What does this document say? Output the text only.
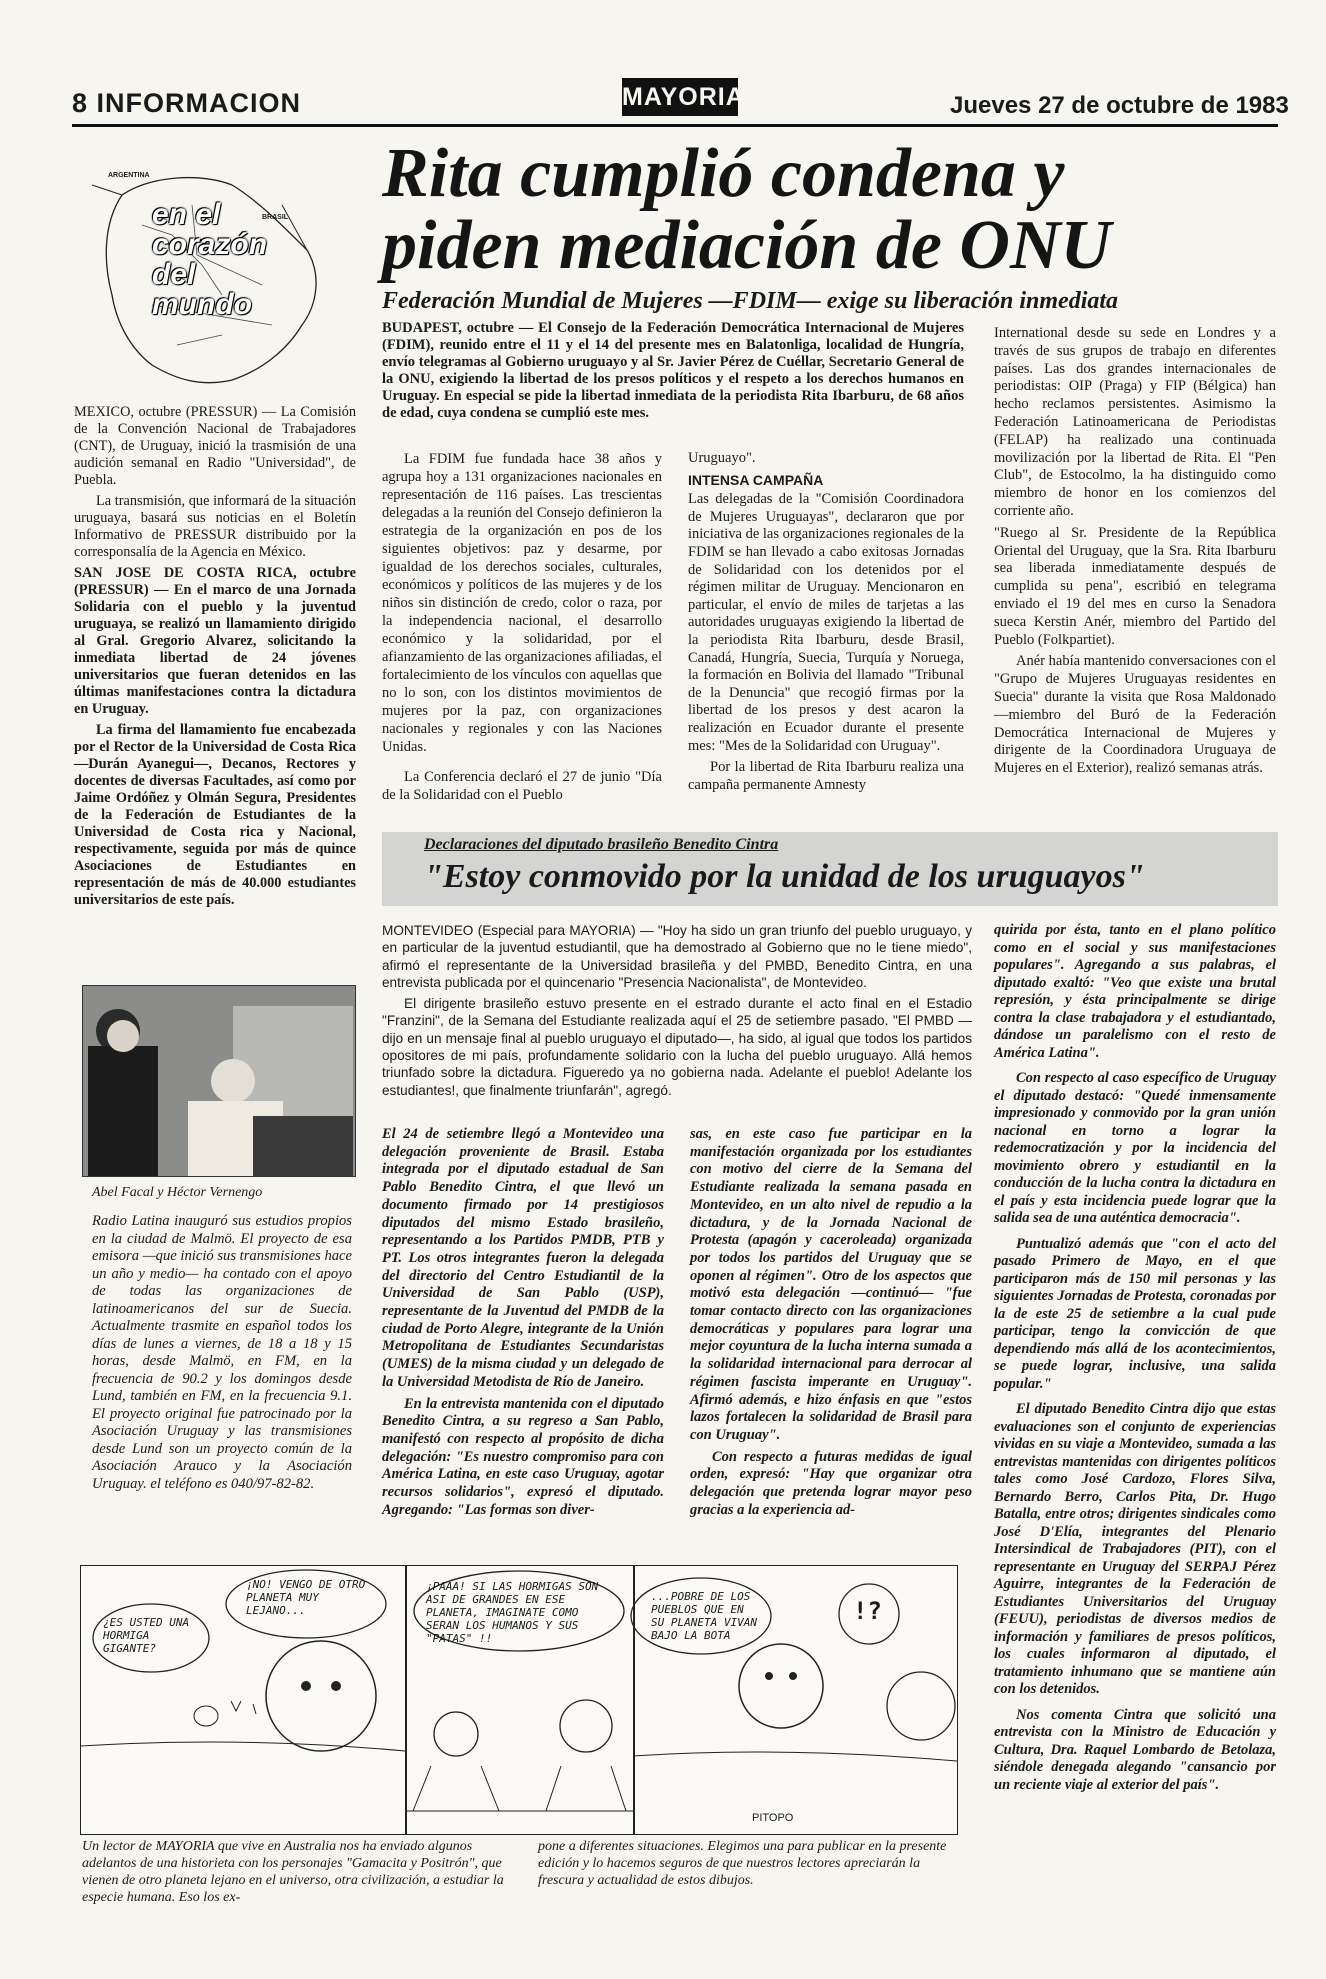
8 INFORMACION	MAYORIA	Jueves 27 de octubre de 1983
ARGENTINA
BRASIL
en el corazón del mundo
Rita cumplió condena y
piden mediación de ONU
Federación Mundial de Mujeres —FDIM— exige su liberación inmediata

MEXICO, octubre (PRESSUR) — La Comisión de la Convención Nacional de Trabajadores (CNT), de Uruguay, inició la trasmisión de una audición semanal en Radio "Universidad", de Puebla.

La transmisión, que informará de la situación uruguaya, basará sus noticias en el Boletín Informativo de PRESSUR distribuido por la corresponsalía de la Agencia en México.

SAN JOSE DE COSTA RICA, octubre (PRESSUR) — En el marco de una Jornada Solidaria con el pueblo y la juventud uruguaya, se realizó un llamamiento dirigido al Gral. Gregorio Alvarez, solicitando la inmediata libertad de 24 jóvenes universitarios que fueran detenidos en las últimas manifestaciones contra la dictadura en Uruguay.

La firma del llamamiento fue encabezada por el Rector de la Universidad de Costa Rica —Durán Ayanegui—, Decanos, Rectores y docentes de diversas Facultades, así como por Jaime Ordóñez y Olmán Segura, Presidentes de la Federación de Estudiantes de la Universidad de Costa rica y Nacional, respectivamente, seguida por más de quince Asociaciones de Estudiantes en representación de más de 40.000 estudiantes universitarios de este país.

Abel Facal y Héctor Vernengo
Radio Latina inauguró sus estudios propios en la ciudad de Malmö. El proyecto de esa emisora —que inició sus transmisiones hace un año y medio— ha contado con el apoyo de todas las organizaciones de latinoamericanos del sur de Suecia. Actualmente trasmite en español todos los días de lunes a viernes, de 18 a 18 y 15 horas, desde Malmö, en FM, en la frecuencia de 90.2 y los domingos desde Lund, también en FM, en la frecuencia 9.1. El proyecto original fue patrocinado por la Asociación Uruguay y las transmisiones desde Lund son un proyecto común de la Asociación Arauco y la Asociación Uruguay. el teléfono es 040/97-82-82.
BUDAPEST, octubre — El Consejo de la Federación Democrática Internacional de Mujeres (FDIM), reunido entre el 11 y el 14 del presente mes en Balatonliga, localidad de Hungría, envío telegramas al Gobierno uruguayo y al Sr. Javier Pérez de Cuéllar, Secretario General de la ONU, exigiendo la libertad de los presos políticos y el respeto a los derechos humanos en Uruguay. En especial se pide la libertad inmediata de la periodista Rita Ibarburu, de 68 años de edad, cuya condena se cumplió este mes.

La FDIM fue fundada hace 38 años y agrupa hoy a 131 organizaciones nacionales en representación de 116 países. Las trescientas delegadas a la reunión del Consejo definieron la estrategia de la organización en pos de los siguientes objetivos: paz y desarme, por igualdad de los derechos sociales, culturales, económicos y políticos de las mujeres y de los niños sin distinción de credo, color o raza, por la independencia nacional, el desarrollo económico y la solidaridad, por el afianzamiento de las organizaciones afiliadas, el fortalecimiento de los vínculos con aquellas que no lo son, con los distintos movimientos de mujeres por la paz, con organizaciones nacionales y regionales y con las Naciones Unidas.

La Conferencia declaró el 27 de junio "Día de la Solidaridad con el Pueblo

Uruguayo".

INTENSA CAMPAÑA

Las delegadas de la "Comisión Coordinadora de Mujeres Uruguayas", declararon que por iniciativa de las organizaciones regionales de la FDIM se han llevado a cabo exitosas Jornadas de Solidaridad con los detenidos por el régimen militar de Uruguay. Mencionaron en particular, el envío de miles de tarjetas a las autoridades uruguayas exigiendo la libertad de la periodista Rita Ibarburu, desde Brasil, Canadá, Hungría, Suecia, Turquía y Noruega, la formación en Bolivia del llamado "Tribunal de la Denuncia" que recogió firmas por la libertad de los presos y dest acaron la realización en Ecuador durante el presente mes: "Mes de la Solidaridad con Uruguay".

Por la libertad de Rita Ibarburu realiza una campaña permanente Amnesty

International desde su sede en Londres y a través de sus grupos de trabajo en diferentes países. Las dos grandes internacionales de periodistas: OIP (Praga) y FIP (Bélgica) han hecho reclamos persistentes. Asimismo la Federación Latinoamericana de Periodistas (FELAP) ha realizado una continuada movilización por la libertad de Rita. El "Pen Club", de Estocolmo, la ha distinguido como miembro de honor en los comienzos del corriente año.

"Ruego al Sr. Presidente de la República Oriental del Uruguay, que la Sra. Rita Ibarburu sea liberada inmediatamente después de cumplida su pena", escribió en telegrama enviado el 19 del mes en curso la Senadora sueca Kerstin Anér, miembro del Partido del Pueblo (Folkpartiet).

Anér había mantenido conversaciones con el "Grupo de Mujeres Uruguayas residentes en Suecia" durante la visita que Rosa Maldonado —miembro del Buró de la Federación Democrática Internacional de Mujeres y dirigente de la Coordinadora Uruguaya de Mujeres en el Exterior), realizó semanas atrás.

Declaraciones del diputado brasileño Benedito Cintra
"Estoy conmovido por la unidad de los uruguayos"

MONTEVIDEO (Especial para MAYORIA) — "Hoy ha sido un gran triunfo del pueblo uruguayo, y en particular de la juventud estudiantil, que ha demostrado al Gobierno que no le tiene miedo", afirmó el representante de la Universidad brasileña y del PMBD, Benedito Cintra, en una entrevista publicada por el quincenario "Presencia Nacionalista", de Montevideo.

El dirigente brasileño estuvo presente en el estrado durante el acto final en el Estadio "Franzini", de la Semana del Estudiante realizada aquí el 25 de setiembre pasado. "El PMBD —dijo en un mensaje final al pueblo uruguayo el diputado—, ha sido, al igual que todos los partidos opositores de mi país, profundamente solidario con la lucha del pueblo uruguayo. Allá hemos triunfado sobre la dictadura. Figueredo ya no gobierna nada. Adelante el pueblo! Adelante los estudiantes!, que finalmente triunfarán", agregó.

El 24 de setiembre llegó a Montevideo una delegación proveniente de Brasil. Estaba integrada por el diputado estadual de San Pablo Benedito Cintra, el que llevó un documento firmado por 14 prestigiosos diputados del mismo Estado brasileño, representando a los Partidos PMDB, PTB y PT. Los otros integrantes fueron la delegada del directorio del Centro Estudiantil de la Universidad de San Pablo (USP), representante de la Juventud del PMDB de la ciudad de Porto Alegre, integrante de la Unión Metropolitana de Estudiantes Secundaristas (UMES) de la misma ciudad y un delegado de la Universidad Metodista de Río de Janeiro.

En la entrevista mantenida con el diputado Benedito Cintra, a su regreso a San Pablo, manifestó con respecto al propósito de dicha delegación: "Es nuestro compromiso para con América Latina, en este caso Uruguay, agotar recursos solidarios", expresó el diputado. Agregando: "Las formas son diver-

sas, en este caso fue participar en la manifestación organizada por los estudiantes con motivo del cierre de la Semana del Estudiante realizada la semana pasada en Montevideo, en un alto nivel de repudio a la dictadura, y de la Jornada Nacional de Protesta (apagón y caceroleada) organizada por todos los partidos del Uruguay que se oponen al régimen". Otro de los aspectos que motivó esta delegación —continuó— "fue tomar contacto directo con las organizaciones democráticas y populares para lograr una mejor coyuntura de la lucha interna sumada a la solidaridad internacional para derrocar al régimen fascista imperante en Uruguay". Afirmó además, e hizo énfasis en que "estos lazos fortalecen la solidaridad de Brasil para con Uruguay".

Con respecto a futuras medidas de igual orden, expresó: "Hay que organizar otra delegación que pretenda lograr mayor peso gracias a la experiencia ad-

quirida por ésta, tanto en el plano político como en el social y sus manifestaciones populares". Agregando a sus palabras, el diputado exaltó: "Veo que existe una brutal represión, y ésta principalmente se dirige contra la clase trabajadora y el estudiantado, dándose un paralelismo con el resto de América Latina".

Con respecto al caso específico de Uruguay el diputado destacó: "Quedé inmensamente impresionado y conmovido por la gran unión nacional en torno a lograr la redemocratización y por la incidencia del movimiento obrero y estudiantil en la conducción de la lucha contra la dictadura en el país y esta incidencia puede lograr que la salida sea de una auténtica democracia".

Puntualizó además que "con el acto del pasado Primero de Mayo, en el que participaron más de 150 mil personas y las siguientes Jornadas de Protesta, coronadas por la de este 25 de setiembre a la cual pude participar, tengo la convicción de que dependiendo más allá de los acontecimientos, se puede lograr, inclusive, una salida popular."

El diputado Benedito Cintra dijo que estas evaluaciones son el conjunto de experiencias vividas en su viaje a Montevideo, sumada a las entrevistas mantenidas con dirigentes políticos tales como José Cardozo, Flores Silva, Bernardo Berro, Carlos Pita, Dr. Hugo Batalla, entre otros; dirigentes sindicales como José D'Elía, integrantes del Plenario Intersindical de Trabajadores (PIT), con el representante en Uruguay del SERPAJ Pérez Aguirre, integrantes de la Federación de Estudiantes Universitarios del Uruguay (FEUU), periodistas de diversos medios de información y familiares de presos políticos, los cuales informaron al diputado, el tratamiento inhumano que se mantiene aún con los detenidos.

Nos comenta Cintra que solicitó una entrevista con la Ministro de Educación y Cultura, Dra. Raquel Lombardo de Betolaza, siéndole denegada alegando "cansancio por un reciente viaje al exterior del país".

¿ES USTED UNA HORMIGA GIGANTE?
¡NO! VENGO DE OTRO PLANETA MUY LEJANO...
¡PAAA! SI LAS HORMIGAS SON ASI DE GRANDES EN ESE PLANETA, IMAGINATE COMO SERAN LOS HUMANOS Y SUS "PATAS" !!
...POBRE DE LOS PUEBLOS QUE EN SU PLANETA VIVAN BAJO LA BOTA
!?
PITOPO
Un lector de MAYORIA que vive en Australia nos ha enviado algunos adelantos de una historieta con los personajes "Gamacita y Positrón", que vienen de otro planeta lejano en el universo, otra civilización, a estudiar la especie humana. Eso los ex-
pone a diferentes situaciones. Elegimos una para publicar en la presente edición y lo hacemos seguros de que nuestros lectores apreciarán la frescura y actualidad de estos dibujos.
